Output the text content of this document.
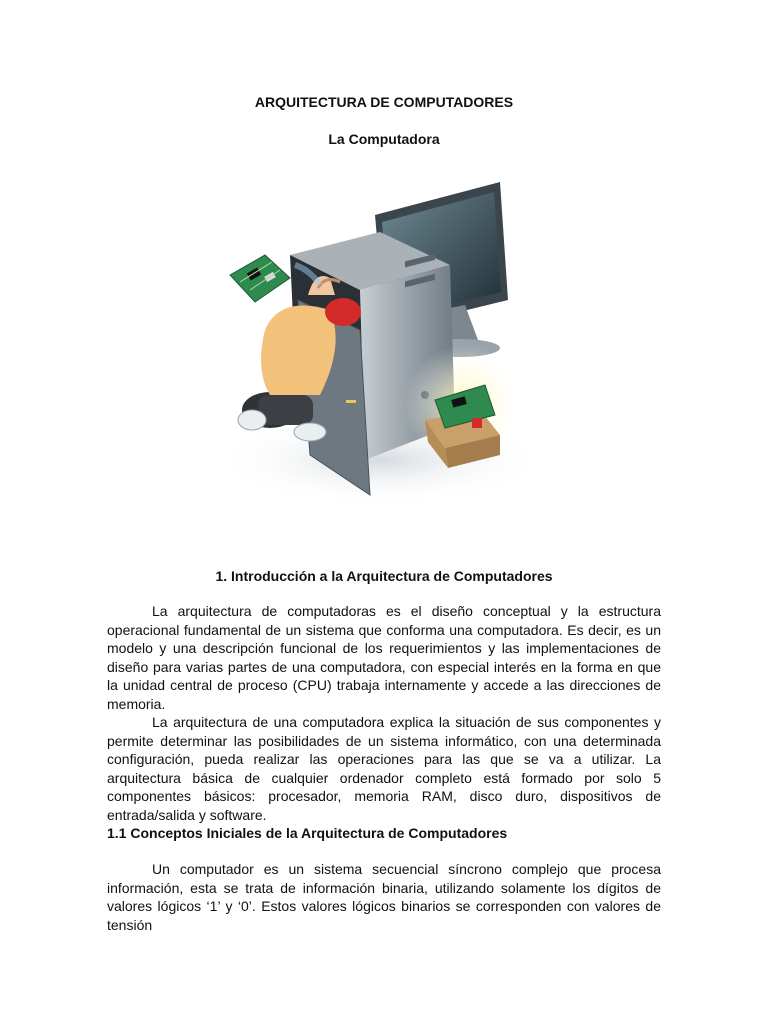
ARQUITECTURA DE COMPUTADORES
La Computadora
1. Introducción a la Arquitectura de Computadores

La arquitectura de computadoras es el diseño conceptual y la estructura operacional fundamental de un sistema que conforma una computadora. Es decir, es un modelo y una descripción funcional de los requerimientos y las implementaciones de diseño para varias partes de una computadora, con especial interés en la forma en que la unidad central de proceso (CPU) trabaja internamente y accede a las direcciones de memoria.

La arquitectura de una computadora explica la situación de sus componentes y permite determinar las posibilidades de un sistema informático, con una determinada configuración, pueda realizar las operaciones para las que se va a utilizar. La arquitectura básica de cualquier ordenador completo está formado por solo 5 componentes básicos: procesador, memoria RAM, disco duro, dispositivos de entrada/salida y software.

1.1 Conceptos Iniciales de la Arquitectura de Computadores

Un computador es un sistema secuencial síncrono complejo que procesa información, esta se trata de información binaria, utilizando solamente los dígitos de valores lógicos ‘1’ y ‘0’. Estos valores lógicos binarios se corresponden con valores de tensión
